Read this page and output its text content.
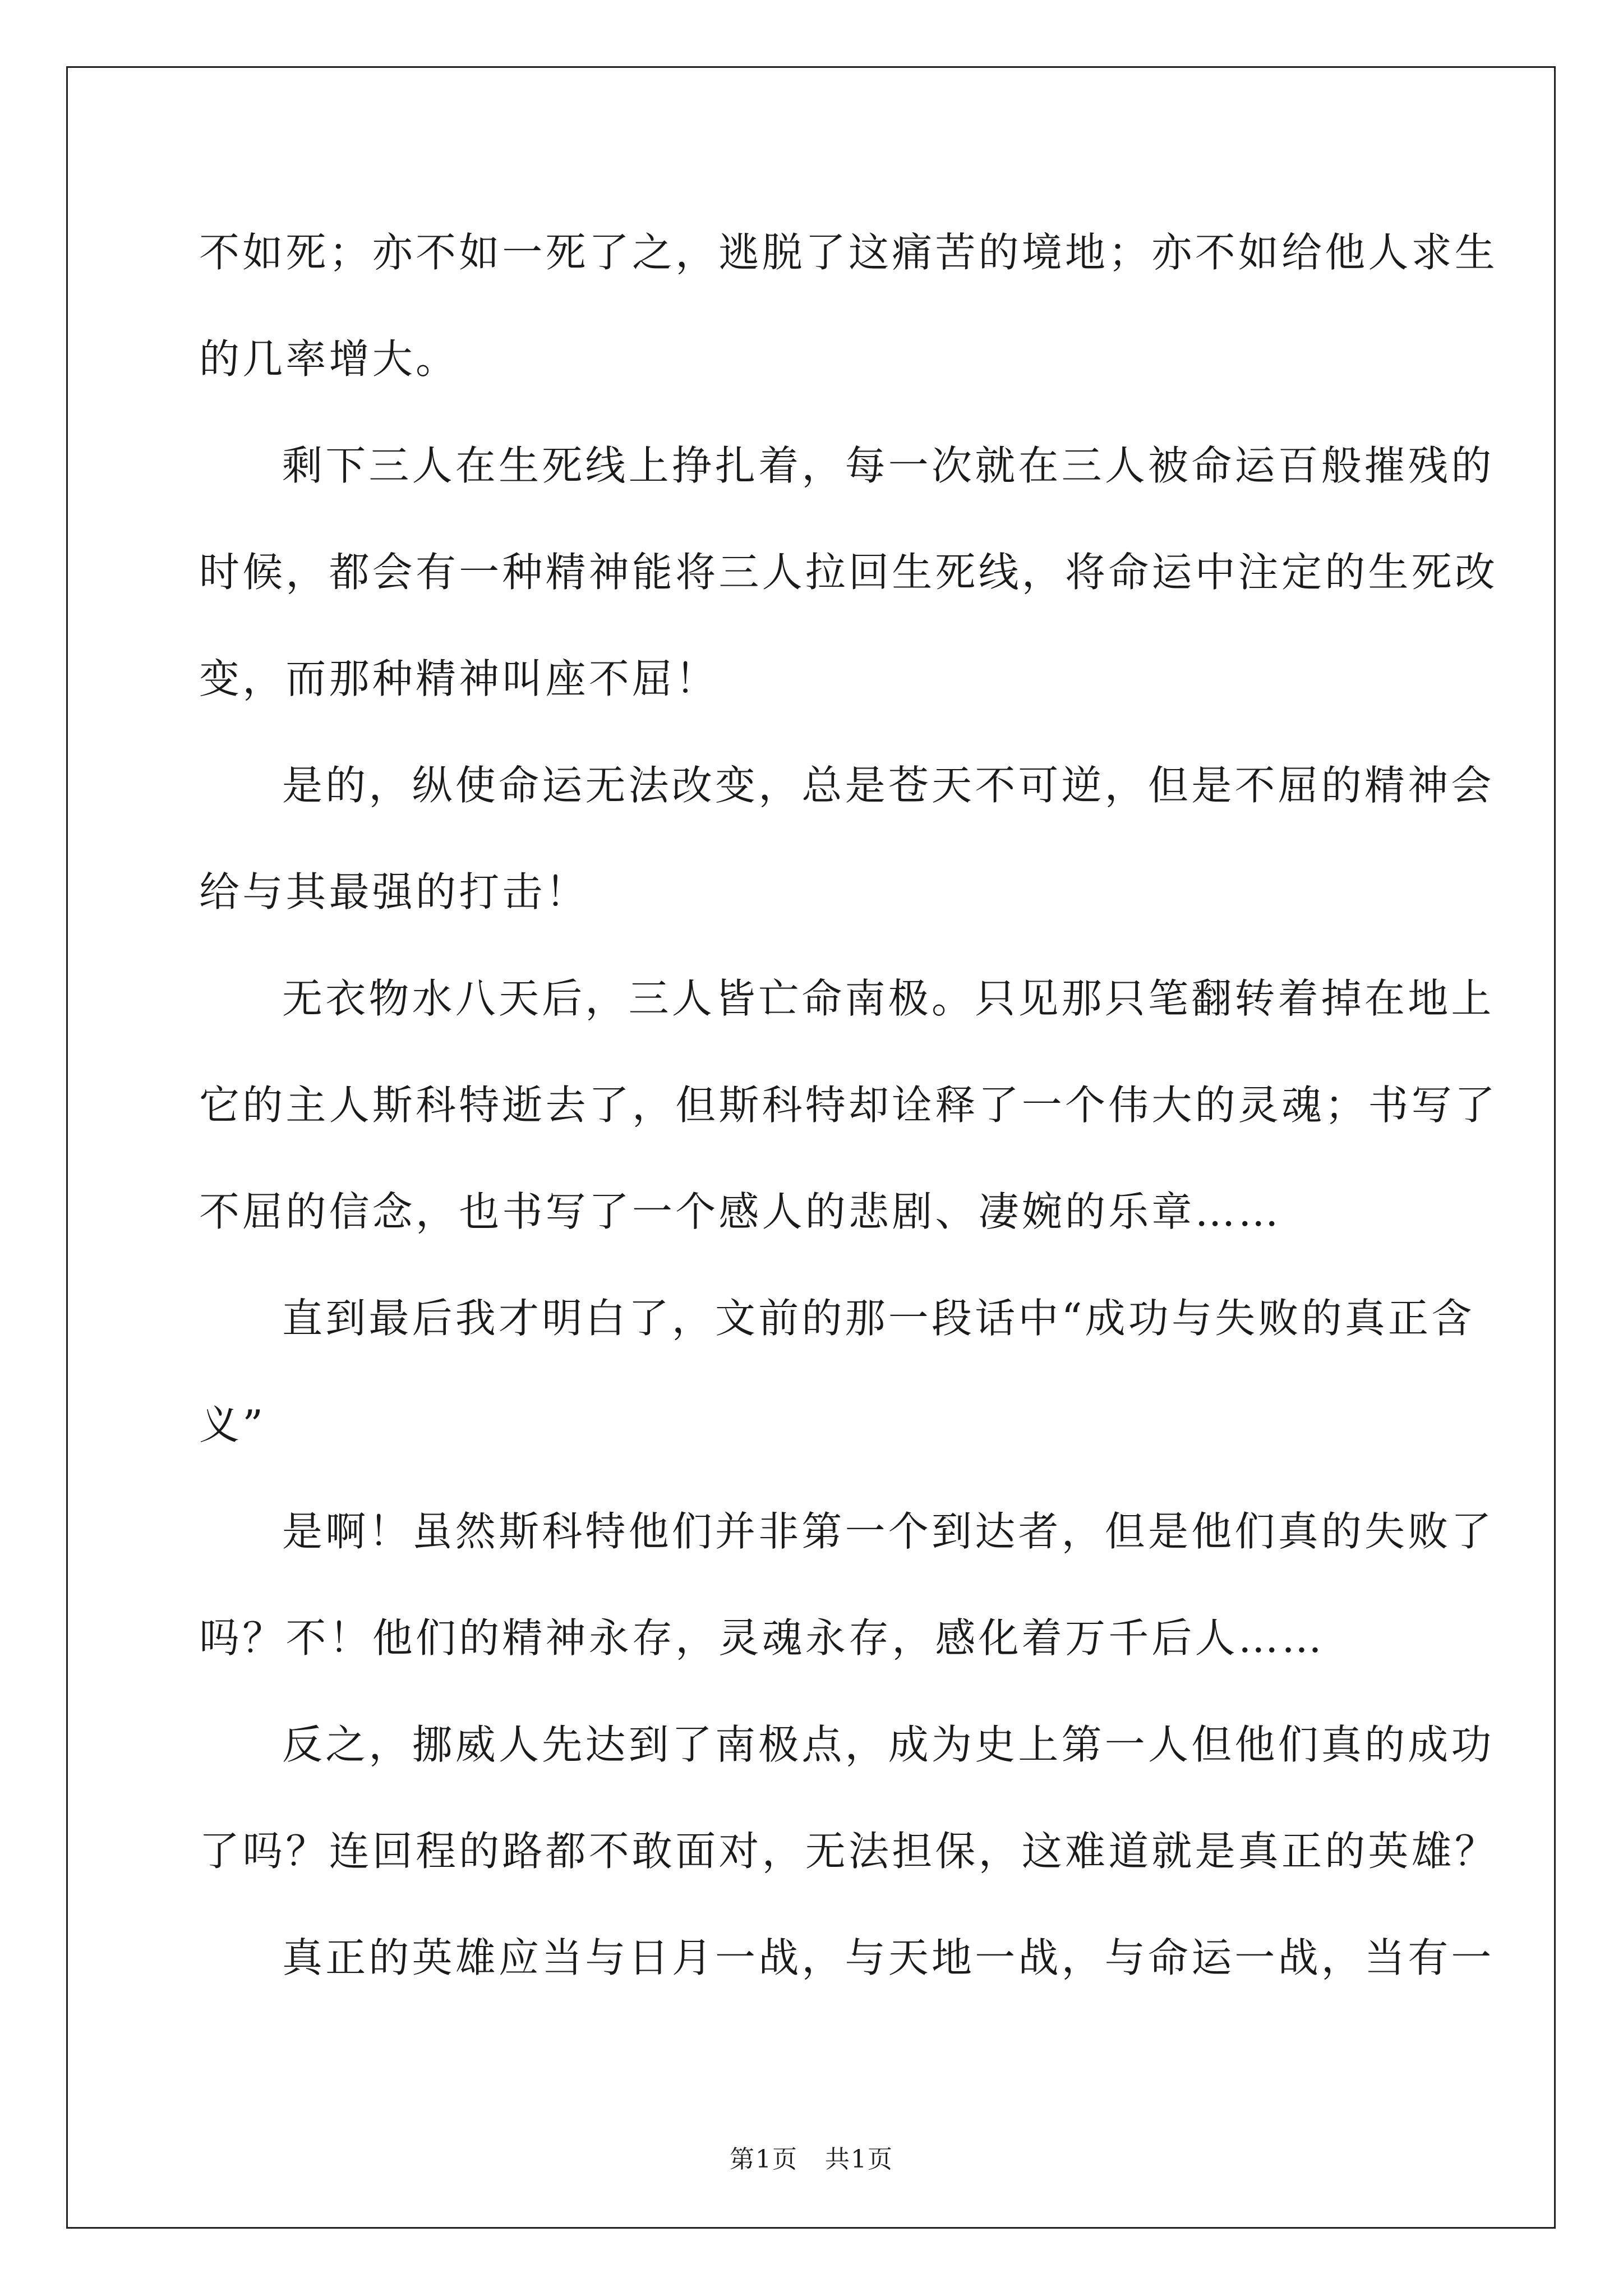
不如死；亦不如一死了之，逃脱了这痛苦的境地；亦不如给他人求生
的几率增大。
剩下三人在生死线上挣扎着，每一次就在三人被命运百般摧残的
时候，都会有一种精神能将三人拉回生死线，将命运中注定的生死改
变，而那种精神叫座不屈！
是的，纵使命运无法改变，总是苍天不可逆，但是不屈的精神会
给与其最强的打击！
无衣物水八天后，三人皆亡命南极。只见那只笔翻转着掉在地上
它的主人斯科特逝去了，但斯科特却诠释了一个伟大的灵魂；书写了
不屈的信念，也书写了一个感人的悲剧、凄婉的乐章……
直到最后我才明白了，文前的那一段话中“成功与失败的真正含
义”
是啊！虽然斯科特他们并非第一个到达者，但是他们真的失败了
吗？不！他们的精神永存，灵魂永存，感化着万千后人……
反之，挪威人先达到了南极点，成为史上第一人但他们真的成功
了吗？连回程的路都不敢面对，无法担保，这难道就是真正的英雄？
真正的英雄应当与日月一战，与天地一战，与命运一战，当有一
第1页 共1页
